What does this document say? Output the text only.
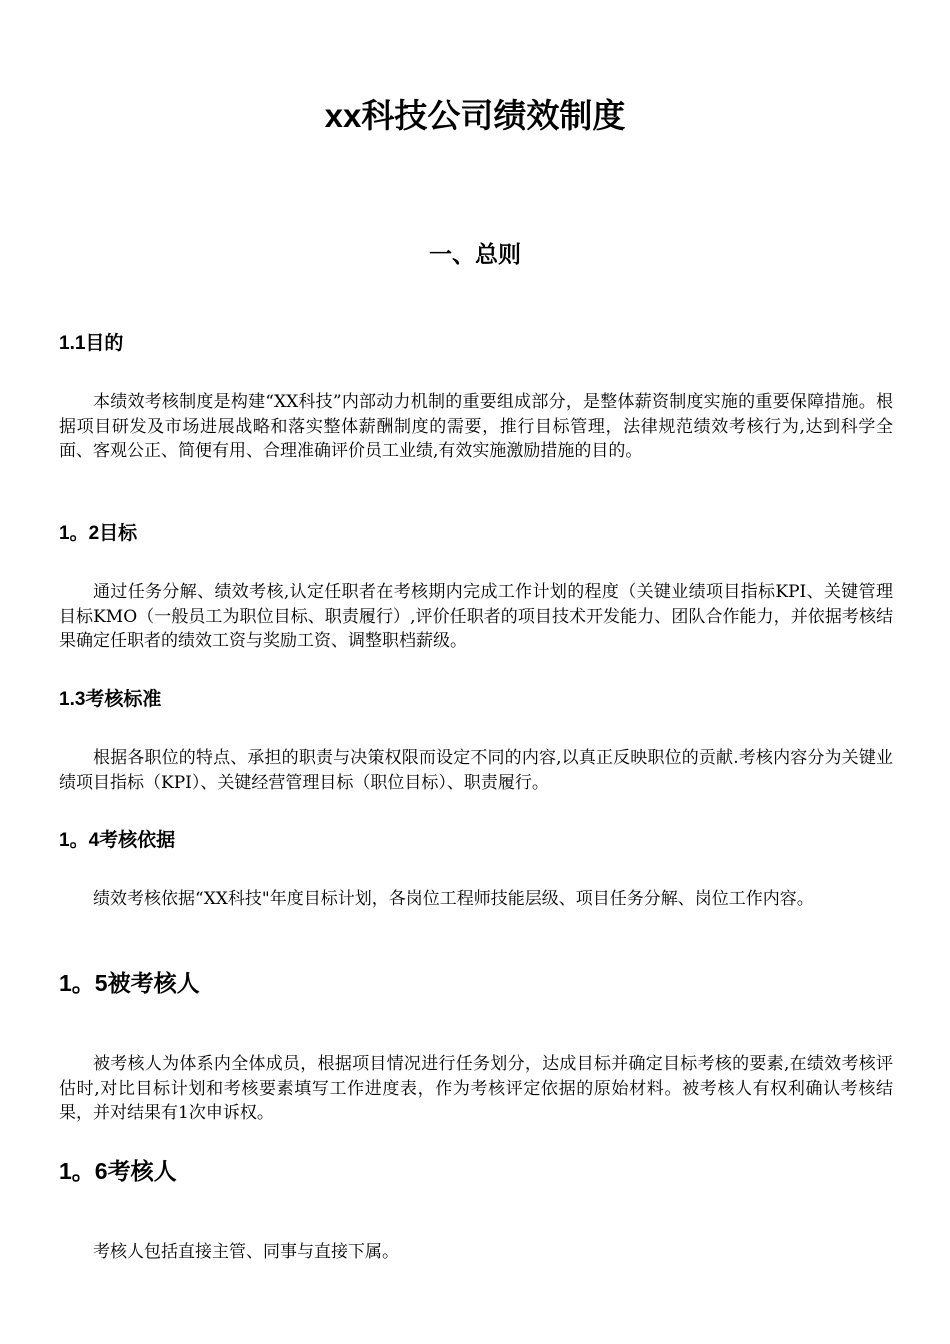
xx科技公司绩效制度
一、总则
1.1目的

本绩效考核制度是构建“XX科技”内部动力机制的重要组成部分，是整体薪资制度实施的重要保障措施。根据项目研发及市场进展战略和落实整体薪酬制度的需要，推行目标管理，法律规范绩效考核行为,达到科学全面、客观公正、简便有用、合理准确评价员工业绩,有效实施激励措施的目的。

1。2目标

通过任务分解、绩效考核,认定任职者在考核期内完成工作计划的程度（关键业绩项目指标KPI、关键管理目标KMO（一般员工为职位目标、职责履行）,评价任职者的项目技术开发能力、团队合作能力，并依据考核结果确定任职者的绩效工资与奖励工资、调整职档薪级。

1.3考核标准

根据各职位的特点、承担的职责与决策权限而设定不同的内容,以真正反映职位的贡献.考核内容分为关键业绩项目指标（KPI）、关键经营管理目标（职位目标）、职责履行。

1。4考核依据

绩效考核依据“XX科技"年度目标计划，各岗位工程师技能层级、项目任务分解、岗位工作内容。

1。5被考核人

被考核人为体系内全体成员，根据项目情况进行任务划分，达成目标并确定目标考核的要素,在绩效考核评估时,对比目标计划和考核要素填写工作进度表，作为考核评定依据的原始材料。被考核人有权利确认考核结果，并对结果有1次申诉权。

1。6考核人

考核人包括直接主管、同事与直接下属。
